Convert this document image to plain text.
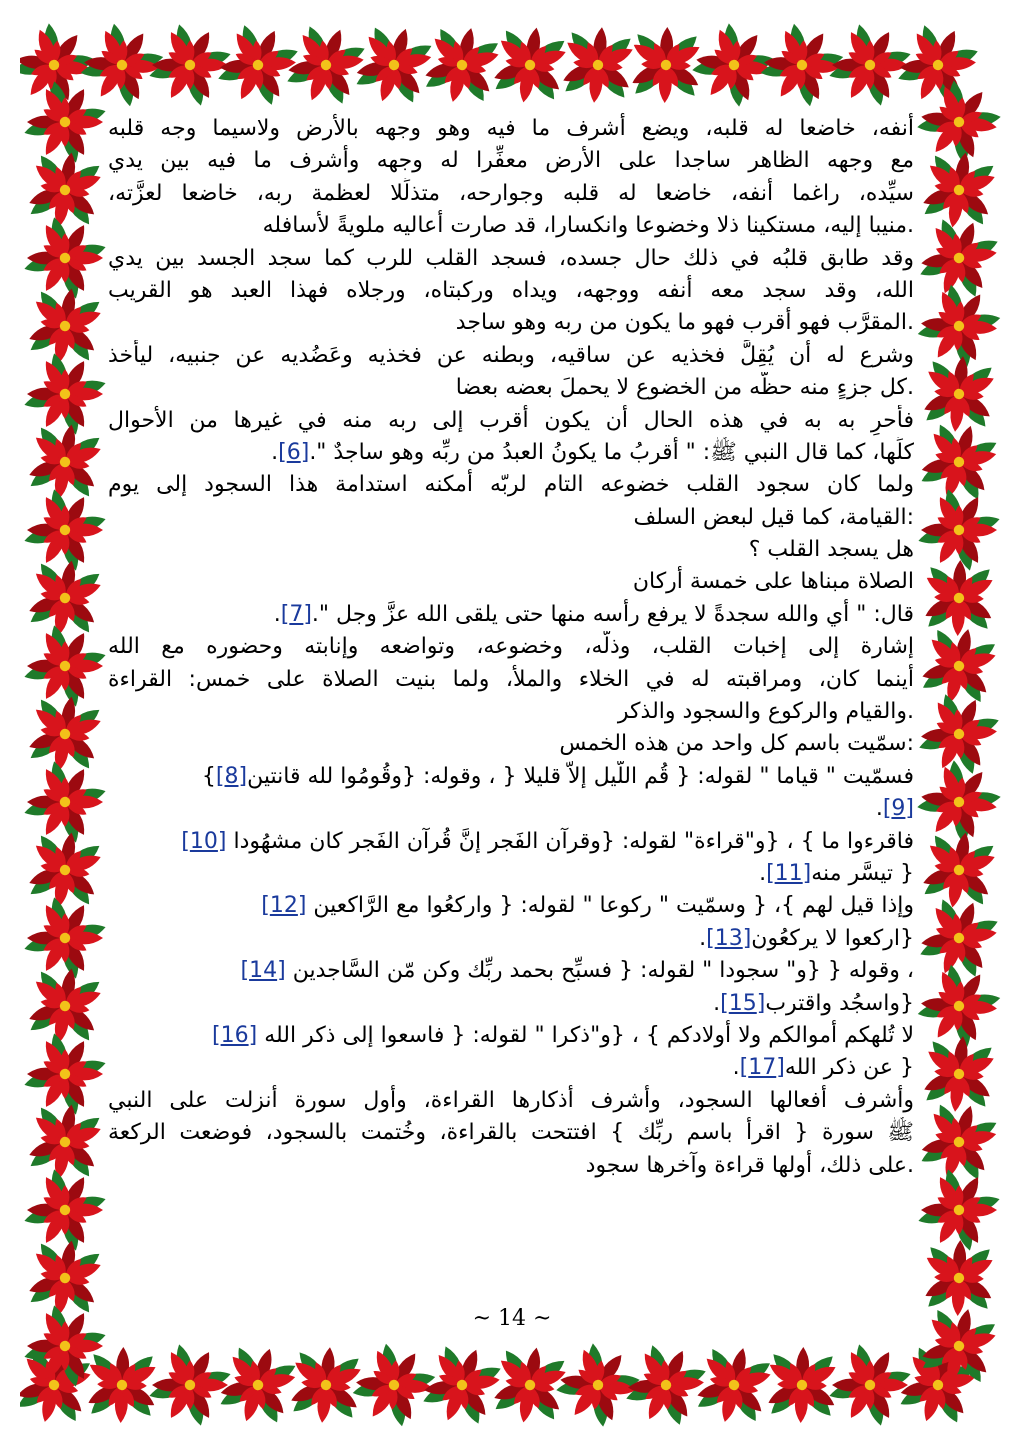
أنفه، خاضعا له قلبه، ويضع أشرف ما فيه وهو وجهه بالأرض ولاسيما وجه قلبه
مع وجهه الظاهر ساجدا على الأرض معفِّرا له وجهه وأشرف ما فيه بين يدي
سيِّده، راغما أنفه، خاضعا له قلبه وجوارحه، متذلِّلا لعظمة ربه، خاضعا لعزَّته،
.منيبا إليه، مستكينا ذلا وخضوعا وانكسارا، قد صارت أعاليه ملويةً لأسافله
وقد طابق قلبُه في ذلك حال جسده، فسجد القلب للرب كما سجد الجسد بين يدي
الله، وقد سجد معه أنفه ووجهه، ويداه وركبتاه، ورجلاه فهذا العبد هو القريب
.المقرَّب فهو أقرب فهو ما يكون من ربه وهو ساجد
وشرع له أن يُقِلَّ فخذيه عن ساقيه، وبطنه عن فخذيه وعَضُديه عن جنبيه، ليأخذ
.كل جزءٍ منه حظّه من الخضوع لا يحملَ بعضه بعضا
فأحرِ به به في هذه الحال أن يكون أقرب إلى ربه منه في غيرها من الأحوال
كلِّها، كما قال النبي ﷺ: " أقربُ ما يكونُ العبدُ من ربِّه وهو ساجدٌ ".[6].
ولما كان سجود القلب خضوعه التام لربّه أمكنه استدامة هذا السجود إلى يوم
:القيامة، كما قيل لبعض السلف
هل يسجد القلب ؟
الصلاة مبناها على خمسة أركان
قال: " أي والله سجدةً لا يرفع رأسه منها حتى يلقى الله عزَّ وجل ".[7].
إشارة إلى إخبات القلب، وذلّه، وخضوعه، وتواضعه وإنابته وحضوره مع الله
أينما كان، ومراقبته له في الخلاء والملأ، ولما بنيت الصلاة على خمس: القراءة
.والقيام والركوع والسجود والذكر
:سمّيت باسم كل واحد من هذه الخمس
فسمّيت " قياما " لقوله: { قُم اللَّيل إلاَّ قليلا { ، وقوله: {وقُومُوا لله قانتين[8]}
[9].
فاقرءوا ما } ، {و"قراءة" لقوله: {وقرآن الفَجر إنَّ قُرآن الفَجر كان مشهُودا [10]
{ تيسَّر منه[11].
وإذا قيل لهم }، { وسمّيت " ركوعا " لقوله: { واركعُوا مع الرَّاكعين [12]
{اركعوا لا يركعُون[13].
، وقوله { {و" سجودا " لقوله: { فسبِّح بحمد ربِّك وكن مّن السَّاجدين [14]
{واسجُد واقترب[15].
لا تُلهكم أموالكم ولا أولادكم } ، {و"ذكرا " لقوله: { فاسعوا إلى ذكر الله [16]
{ عن ذكر الله[17].
وأشرف أفعالها السجود، وأشرف أذكارها القراءة، وأول سورة أنزلت على النبي
ﷺ سورة { اقرأ باسم ربِّك } افتتحت بالقراءة، وخُتمت بالسجود، فوضعت الركعة
.على ذلك، أولها قراءة وآخرها سجود
~ 14 ~
